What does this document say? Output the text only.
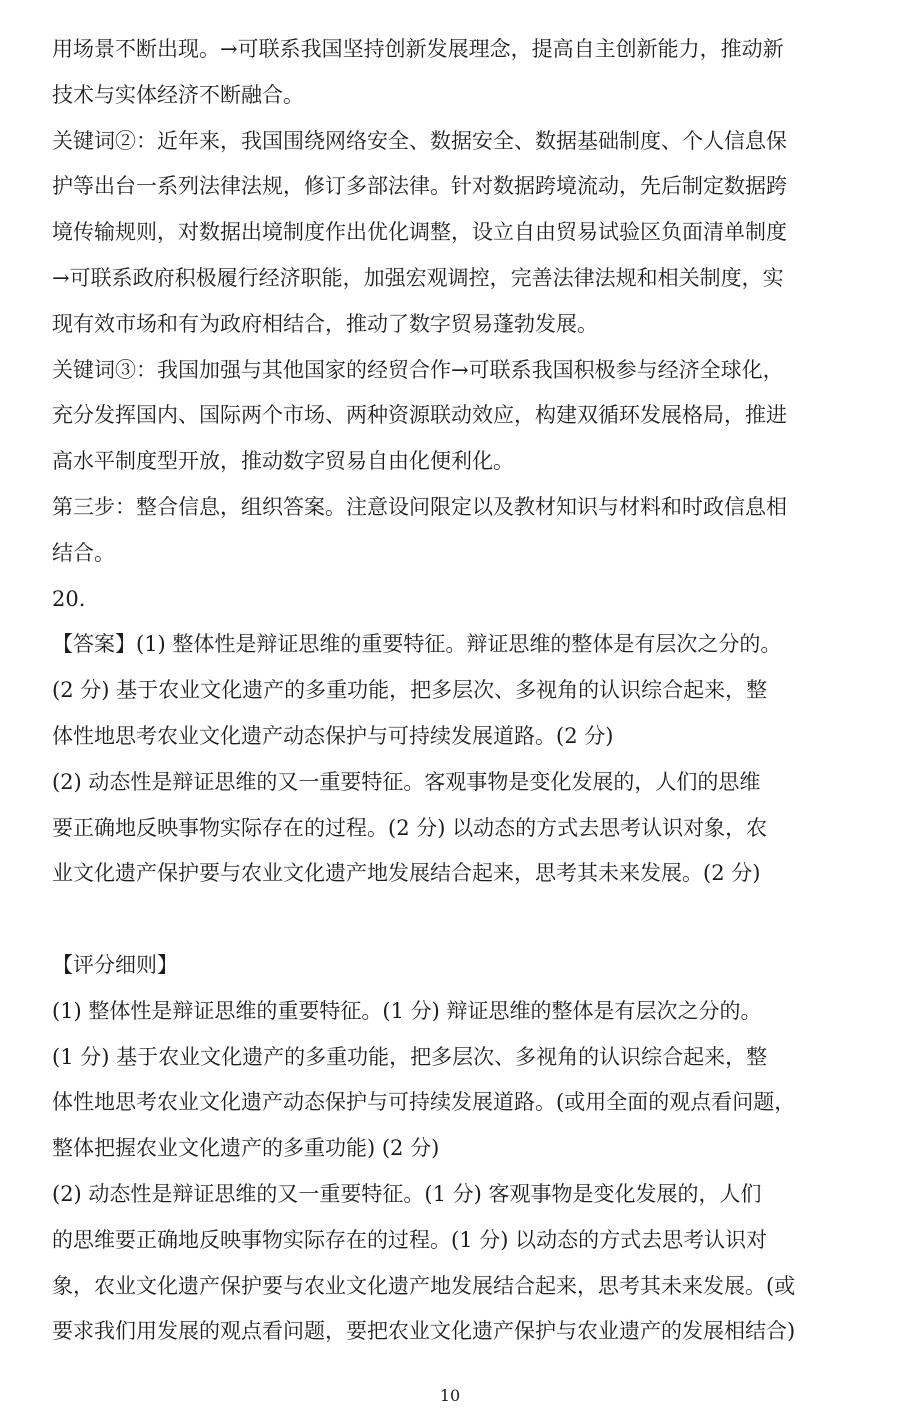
用场景不断出现。→可联系我国坚持创新发展理念，提高自主创新能力，推动新
技术与实体经济不断融合。
关键词②：近年来，我国围绕网络安全、数据安全、数据基础制度、个人信息保
护等出台一系列法律法规，修订多部法律。针对数据跨境流动，先后制定数据跨
境传输规则，对数据出境制度作出优化调整，设立自由贸易试验区负面清单制度
→可联系政府积极履行经济职能，加强宏观调控，完善法律法规和相关制度，实
现有效市场和有为政府相结合，推动了数字贸易蓬勃发展。
关键词③：我国加强与其他国家的经贸合作→可联系我国积极参与经济全球化，
充分发挥国内、国际两个市场、两种资源联动效应，构建双循环发展格局，推进
高水平制度型开放，推动数字贸易自由化便利化。
第三步：整合信息，组织答案。注意设问限定以及教材知识与材料和时政信息相
结合。
20.
【答案】(1) 整体性是辩证思维的重要特征。辩证思维的整体是有层次之分的。
(2 分) 基于农业文化遗产的多重功能，把多层次、多视角的认识综合起来，整
体性地思考农业文化遗产动态保护与可持续发展道路。(2 分)
(2) 动态性是辩证思维的又一重要特征。客观事物是变化发展的，人们的思维
要正确地反映事物实际存在的过程。(2 分) 以动态的方式去思考认识对象，农
业文化遗产保护要与农业文化遗产地发展结合起来，思考其未来发展。(2 分)
【评分细则】
(1) 整体性是辩证思维的重要特征。(1 分) 辩证思维的整体是有层次之分的。
(1 分) 基于农业文化遗产的多重功能，把多层次、多视角的认识综合起来，整
体性地思考农业文化遗产动态保护与可持续发展道路。(或用全面的观点看问题，
整体把握农业文化遗产的多重功能) (2 分)
(2) 动态性是辩证思维的又一重要特征。(1 分) 客观事物是变化发展的，人们
的思维要正确地反映事物实际存在的过程。(1 分) 以动态的方式去思考认识对
象，农业文化遗产保护要与农业文化遗产地发展结合起来，思考其未来发展。(或
要求我们用发展的观点看问题，要把农业文化遗产保护与农业遗产的发展相结合)
10
